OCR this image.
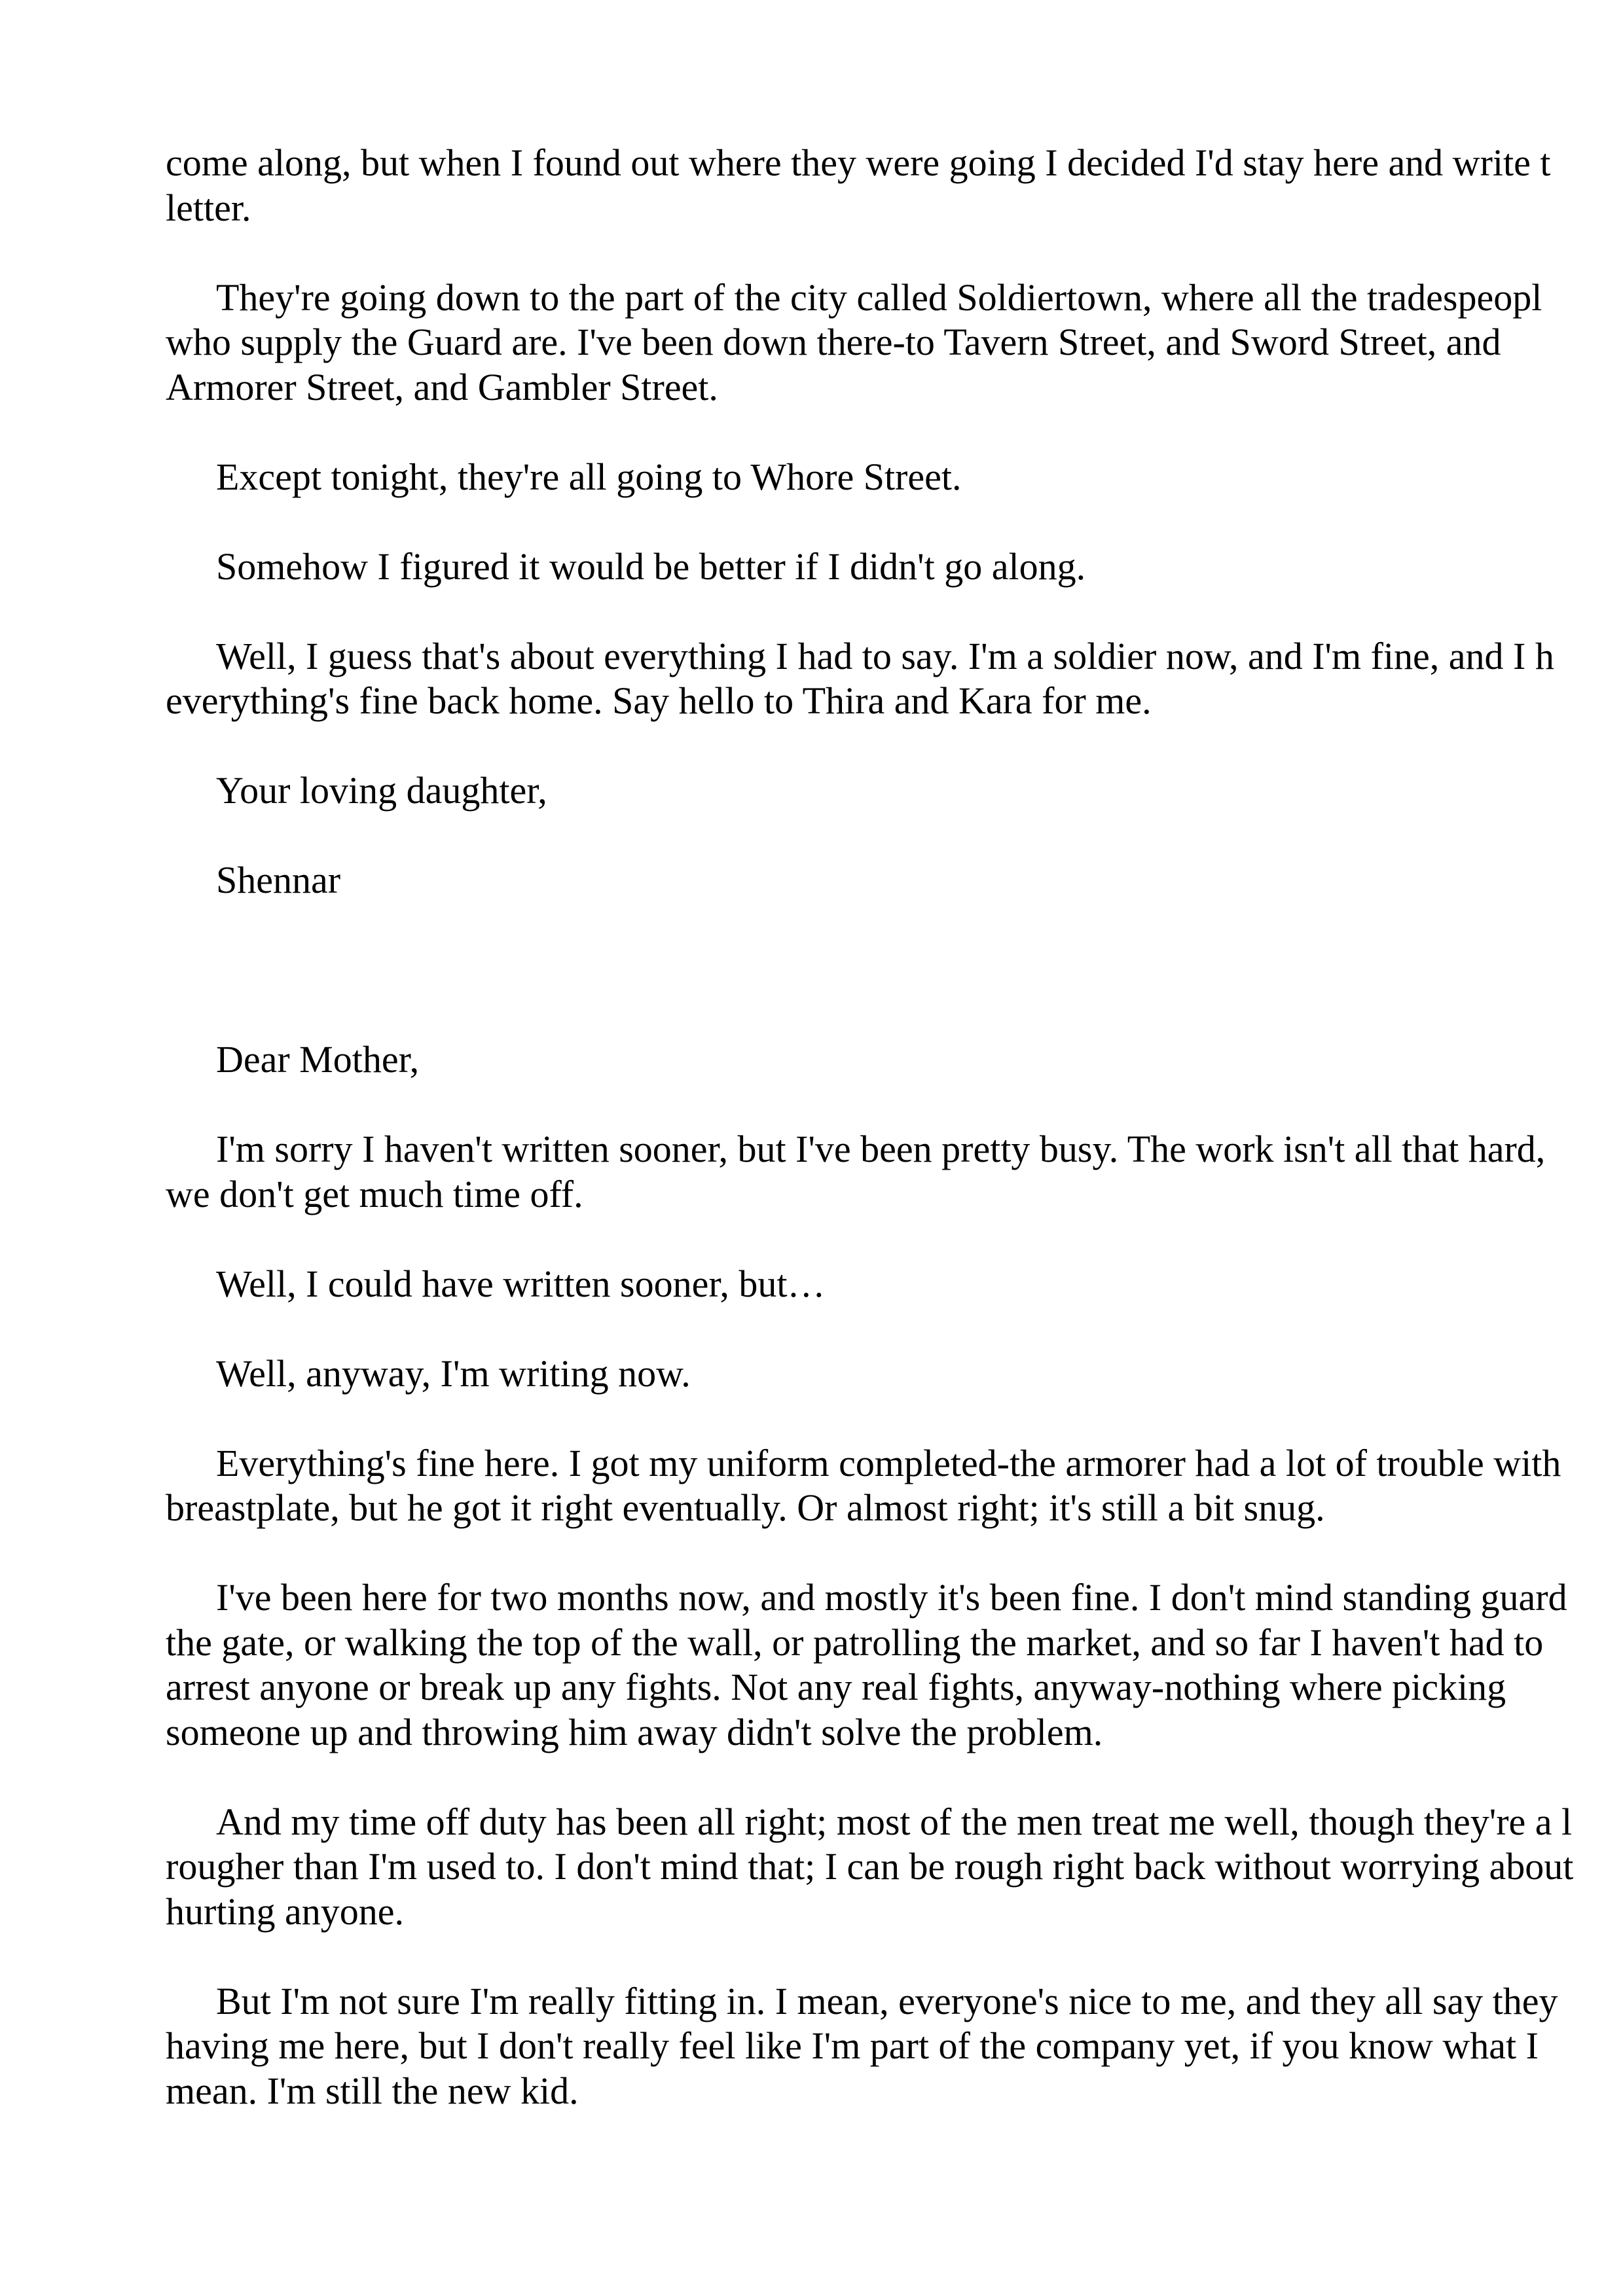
come along, but when I found out where they were going I decided I'd stay here and write t
letter.
They're going down to the part of the city called Soldiertown, where all the tradespeopl
who supply the Guard are. I've been down there-to Tavern Street, and Sword Street, and
Armorer Street, and Gambler Street.
Except tonight, they're all going to Whore Street.
Somehow I figured it would be better if I didn't go along.
Well, I guess that's about everything I had to say. I'm a soldier now, and I'm fine, and I h
everything's fine back home. Say hello to Thira and Kara for me.
Your loving daughter,
Shennar
Dear Mother,
I'm sorry I haven't written sooner, but I've been pretty busy. The work isn't all that hard,
we don't get much time off.
Well, I could have written sooner, but…
Well, anyway, I'm writing now.
Everything's fine here. I got my uniform completed-the armorer had a lot of trouble with
breastplate, but he got it right eventually. Or almost right; it's still a bit snug.
I've been here for two months now, and mostly it's been fine. I don't mind standing guard
the gate, or walking the top of the wall, or patrolling the market, and so far I haven't had to
arrest anyone or break up any fights. Not any real fights, anyway-nothing where picking
someone up and throwing him away didn't solve the problem.
And my time off duty has been all right; most of the men treat me well, though they're a l
rougher than I'm used to. I don't mind that; I can be rough right back without worrying about
hurting anyone.
But I'm not sure I'm really fitting in. I mean, everyone's nice to me, and they all say they
having me here, but I don't really feel like I'm part of the company yet, if you know what I
mean. I'm still the new kid.
